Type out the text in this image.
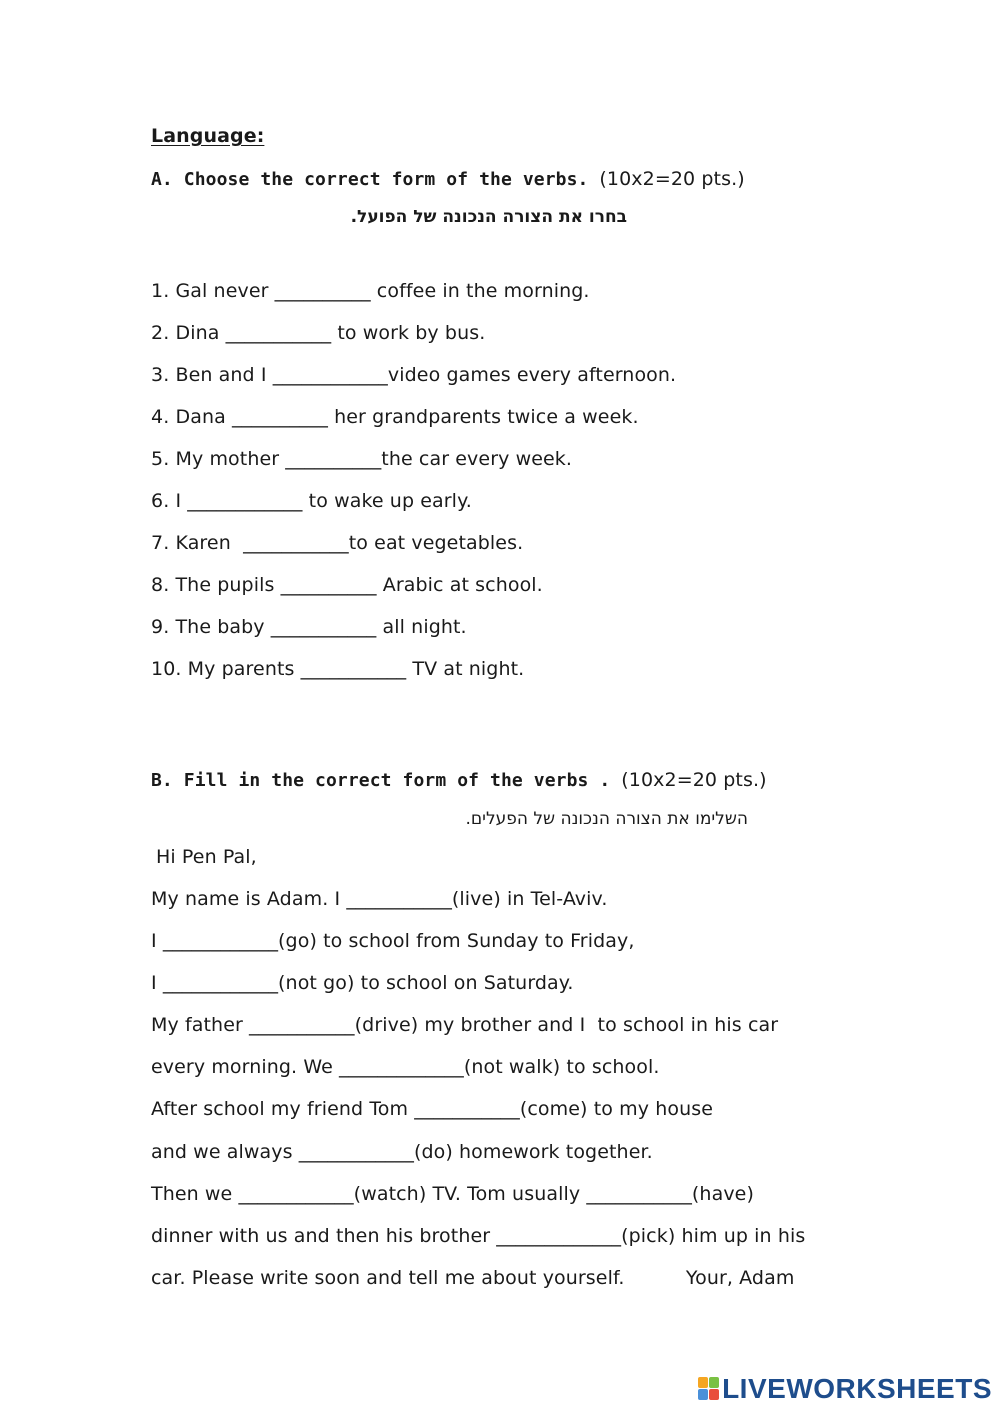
Language:
A. Choose the correct form of the verbs. (10x2=20 pts.)
בחרו את הצורה הנכונה של הפועל.
1. Gal never __________ coffee in the morning.
2. Dina ___________ to work by bus.
3. Ben and I ____________video games every afternoon.
4. Dana __________ her grandparents twice a week.
5. My mother __________the car every week.
6. I ____________ to wake up early.
7. Karen  ___________to eat vegetables.
8. The pupils __________ Arabic at school.
9. The baby ___________ all night.
10. My parents ___________ TV at night.
B. Fill in the correct form of the verbs . (10x2=20 pts.)
השלימו את הצורה הנכונה של הפעלים.
Hi Pen Pal,
My name is Adam. I ___________(live) in Tel-Aviv.
I ____________(go) to school from Sunday to Friday,
I ____________(not go) to school on Saturday.
My father ___________(drive) my brother and I  to school in his car
every morning. We _____________(not walk) to school.
After school my friend Tom ___________(come) to my house
and we always ____________(do) homework together.
Then we ____________(watch) TV. Tom usually ___________(have)
dinner with us and then his brother _____________(pick) him up in his
car. Please write soon and tell me about yourself.          Your, Adam
LIVEWORKSHEETS
